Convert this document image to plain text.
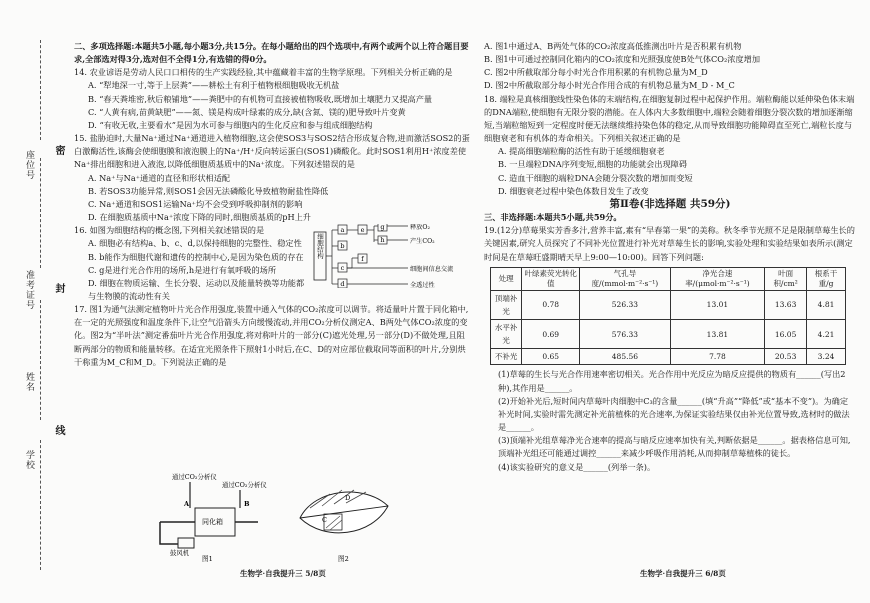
座位号
准考证号
姓名
学校
密
封
线

二、多项选择题:本题共5小题,每小题3分,共15分。在每小题给出的四个选项中,有两个或两个以上符合题目要求,全部选对得3分,选对但不全得1分,有选错的得0分。

14. 农业谚语是劳动人民口口相传的生产实践经验,其中蕴藏着丰富的生物学原理。下列相关分析正确的是

A. “犁地深一寸,等于上层粪”——耕松土有利于植物根细胞吸收无机盐

B. “春天粪堆密,秋后粮铺地”——粪肥中的有机物可直接被植物吸收,既增加土壤肥力又提高产量

C. “人黄有病,苗黄缺肥”——氮、镁是构成叶绿素的成分,缺(含氮、镁的)肥导致叶片变黄

D. “有收无收,主要看水”是因为水可参与细胞内的生化反应和参与组成细胞结构

15. 盐胁迫时,大量Na⁺通过Na⁺通道进入植物细胞,这会使SOS3与SOS2结合形成复合物,进而激活SOS2的蛋白激酶活性,该酶会使细胞膜和液泡膜上的Na⁺/H⁺反向转运蛋白(SOS1)磷酸化。此时SOS1利用H⁺浓度差使Na⁺排出细胞和进入液泡,以降低细胞质基质中的Na⁺浓度。下列叙述错误的是

A. Na⁺与Na⁺通道的直径和形状相适配

B. 若SOS3功能异常,则SOS1会因无法磷酸化导致植物耐盐性降低

C. Na⁺通道和SOS1运输Na⁺均不会受到呼吸抑制剂的影响

D. 在细胞质基质中Na⁺浓度下降的同时,细胞质基质的pH上升

细胞结构
a
b
c
d
e g
h
释放O₂
产生CO₂
f
细胞间信息交流
全透过性

16. 如图为细胞结构的概念图,下列相关叙述错误的是

A. 细胞必有结构a、b、c、d,以保持细胞的完整性、稳定性

B. b能作为细胞代谢和遗传的控制中心,是因为染色质的存在

C. g是进行光合作用的场所,h是进行有氧呼吸的场所

D. 细胞在物质运输、生长分裂、运动以及能量转换等功能都与生物膜的流动性有关

17. 图1为通气法测定植物叶片光合作用强度,装置中通入气体的CO₂浓度可以调节。将适量叶片置于同化箱中,在一定的光照强度和温度条件下,让空气沿箭头方向缓慢流动,并用CO₂分析仪测定A、B两处气体CO₂浓度的变化。图2为“半叶法”测定番茄叶片光合作用强度,将对称叶片的一部分(C)遮光处理,另一部分(D)不做处理,且阻断两部分的物质和能量转移。在适宜光照条件下照射1小时后,在C、D的对应部位截取同等面积的叶片,分别烘干称重为M_C和M_D。下列说法正确的是

通过CO₂分析仪
通过CO₂分析仪
A	B
同化箱
鼓风机
图1
C
D
图2
生物学·自我提升三 5/8页

A. 图1中通过A、B两处气体的CO₂浓度高低推测出叶片是否积累有机物

B. 图1中可通过控制同化箱内的CO₂浓度和光照强度使B处气体CO₂浓度增加

C. 图2中所截取部分每小时光合作用积累的有机物总量为M_D

D. 图2中所截取部分每小时光合作用合成的有机物总量为M_D - M_C

18. 端粒是真核细胞线性染色体的末端结构,在细胞复制过程中起保护作用。端粒酶能以延伸染色体末端的DNA端粒,使细胞有无限分裂的潜能。在人体内大多数细胞中,端粒会随着细胞分裂次数的增加逐渐缩短,当端粒缩短到一定程度时便无法继续维持染色体的稳定,从而导致细胞功能障碍直至死亡,端粒长度与细胞衰老和有机体的寿命相关。下列相关叙述正确的是

A. 提高细胞端粒酶的活性有助于延缓细胞衰老

B. 一旦端粒DNA序列变短,细胞的功能就会出现障碍

C. 造血干细胞的端粒DNA会随分裂次数的增加而变短

D. 细胞衰老过程中染色体数目发生了改变

第Ⅱ卷(非选择题 共59分)

三、非选择题:本题共5小题,共59分。

19.(12分)草莓果实芳香多汁,营养丰富,素有“早春第一果”的美称。秋冬季节光照不足是限制草莓生长的关键因素,研究人员探究了不同补光位置进行补光对草莓生长的影响,实验处理和实验结果如表所示(测定时间是在草莓旺盛期晴天早上9:00—10:00)。回答下列问题:

处理	叶绿素荧光转化值	气孔导度/(mmol·m⁻²·s⁻¹)	净光合速率/(μmol·m⁻²·s⁻¹)	叶面积/cm²	根系干重/g
顶端补光	0.78	526.33	13.01	13.63	4.81
水平补光	0.69	576.33	13.81	16.05	4.21
不补光	0.65	485.56	7.78	20.53	3.24

(1)草莓的生长与光合作用速率密切相关。光合作用中光反应为暗反应提供的物质有______(写出2种),其作用是______。

(2)开始补光后,短时间内草莓叶肉细胞中C₃的含量______(填“升高”“降低”或“基本不变”)。为确定补光时间,实验时需先测定补光前植株的光合速率,为保证实验结果仅由补光位置导致,选材时的做法是______。

(3)顶端补光组草莓净光合速率的提高与暗反应速率加快有关,判断依据是______。据表格信息可知,顶端补光组还可能通过调控______来减少呼吸作用消耗,从而抑制草莓植株的徒长。

(4)该实验研究的意义是______(列举一条)。

生物学·自我提升三 6/8页
